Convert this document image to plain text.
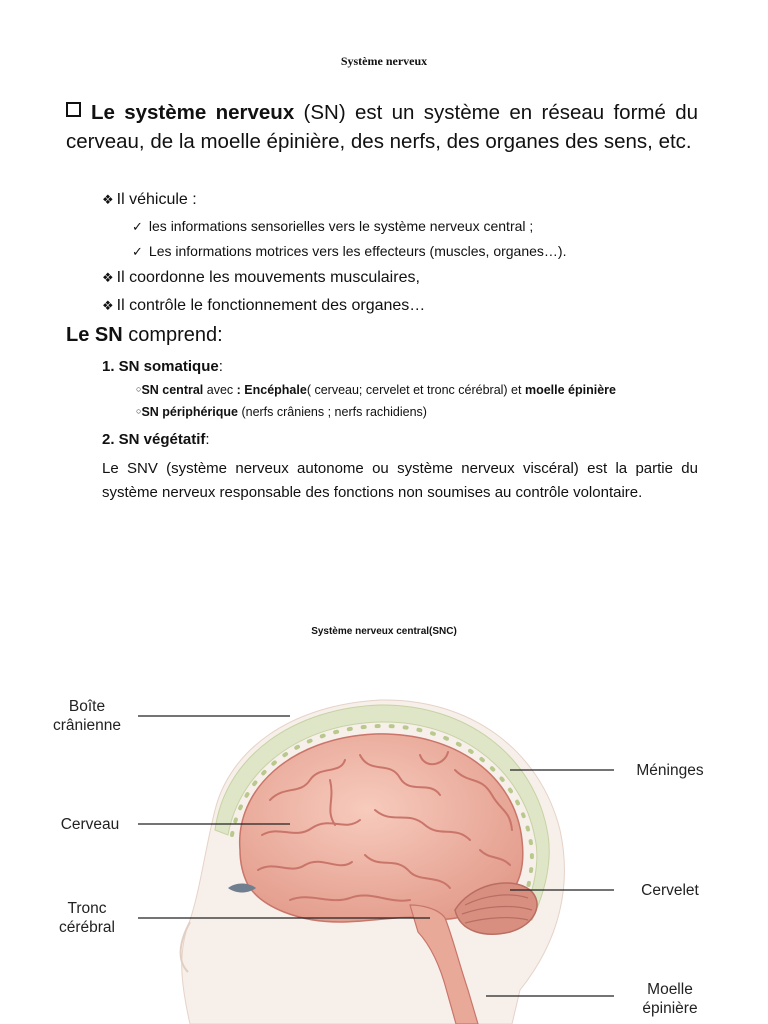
Système nerveux
Le système nerveux (SN) est un système en réseau formé du cerveau, de la moelle épinière, des nerfs, des organes des sens, etc.
❖ Il véhicule :
✓ les informations sensorielles vers le système nerveux central ;
✓ Les informations motrices vers les effecteurs (muscles, organes…).
❖ Il coordonne les mouvements musculaires,
❖ Il contrôle le fonctionnement des organes…
Le SN comprend:
1. SN somatique:
○SN central avec : Encéphale( cerveau; cervelet et tronc cérébral) et moelle épinière
○SN périphérique (nerfs crâniens ; nerfs rachidiens)
2. SN végétatif:
Le SNV (système nerveux autonome ou système nerveux viscéral) est la partie du système nerveux responsable des fonctions non soumises au contrôle volontaire.
Système nerveux central(SNC)
Boîte
crânienne
Cerveau
Tronc
cérébral
Méninges
Cervelet
Moelle
épinière
